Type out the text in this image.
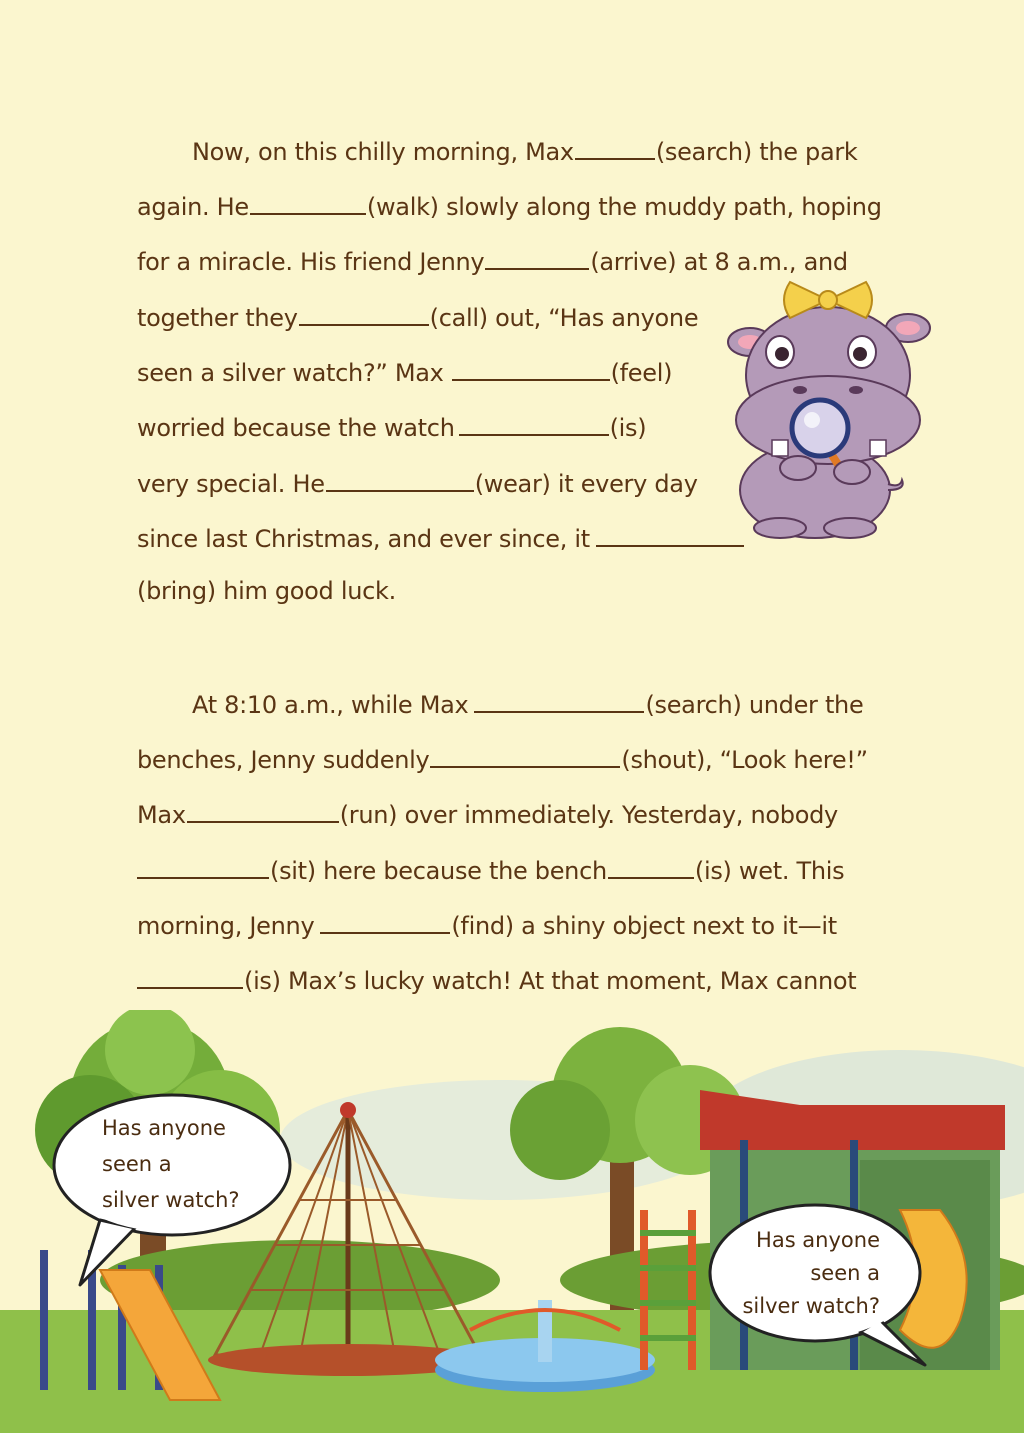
Now, on this chilly morning, Max	(search) the park
again. He	(walk) slowly along the muddy path, hoping
for a miracle. His friend Jenny	(arrive) at 8 a.m., and
together they	(call) out, “Has anyone
seen a silver watch?” Max	(feel)
worried because the watch	(is)
very special. He	(wear) it every day
since last Christmas, and ever since, it
(bring) him good luck.
At 8:10 a.m., while Max	(search) under the
benches, Jenny suddenly	(shout), “Look here!”
Max	(run) over immediately. Yesterday, nobody
(sit) here because the bench	(is) wet. This
morning, Jenny	(find) a shiny object next to it—it
(is) Max’s lucky watch! At that moment, Max cannot
Has anyone
seen a
silver watch?
Has anyone
seen a
silver watch?
